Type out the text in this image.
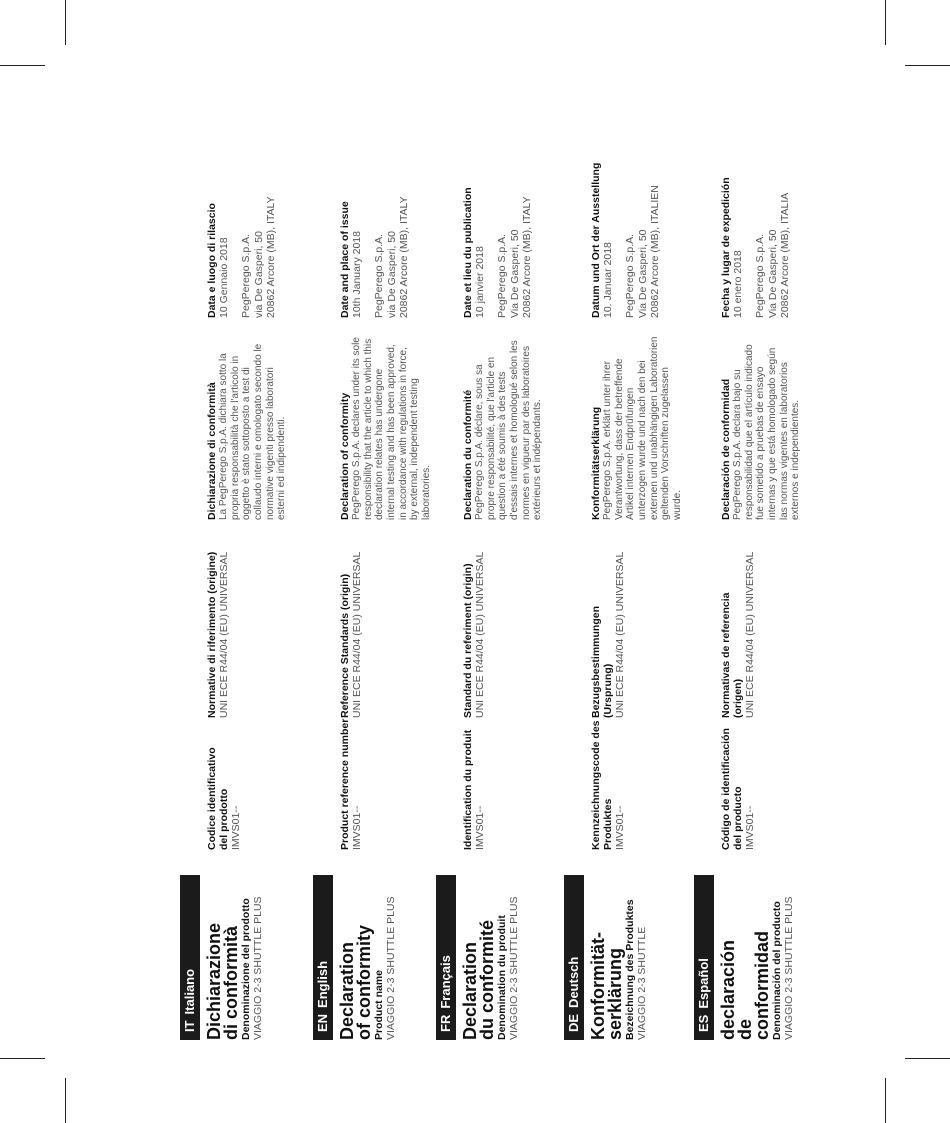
ITItaliano Dichiarazione di conformità Denominazione del prodotto VIAGGIO 2-3 SHUTTLE PLUS
Codice identificativo del prodotto IMVS01--
Normative di riferimento (origine) UNI ECE R44/04 (EU) UNIVERSAL
Dichiarazione di conformità La PegPerego S.p.A. dichiara sotto la propria responsabilità che l'articolo in oggetto è stato sottoposto a test di collaudo interni e omologato secondo le normative vigenti presso laboratori esterni ed indipendenti.
Data e luogo di rilascio 10 Gennaio 2018 PegPerego S.p.A. via De Gasperi, 50 20862 Arcore (MB), ITALY
ENEnglish Declaration of conformity Product name VIAGGIO 2-3 SHUTTLE PLUS
Product reference number IMVS01--
Reference Standards (origin) UNI ECE R44/04 (EU) UNIVERSAL
Declaration of conformity PegPerego S.p.A. declares under its sole responsibility that the article to which this declaration relates has undergone internal testing and has been approved, in accordance with regulations in force, by external, independent testing laboratories.
Date and place of issue 10th January 2018 PegPerego S.p.A. via De Gasperi, 50 20862 Arcore (MB), ITALY
FRFrançais Declaration du conformité Denomination du produit VIAGGIO 2-3 SHUTTLE PLUS
Identification du produit IMVS01--
Standard du referiment (origin) UNI ECE R44/04 (EU) UNIVERSAL
Declaration du conformité PegPerego S.p.A. déclare, sous sa propre responsabilité, que l'article en question a été soumis à des tests d'essais internes et homologué selon les normes en vigueur par des laboratoires extérieurs et indépendants.
Date et lieu du publication 10 janvier 2018 PegPerego S.p.A. Via De Gasperi, 50 20862 Arcore (MB), ITALY
DEDeutsch Konformität-serklärung Bezeichnung des Produktes VIAGGIO 2-3 SHUTTLE
Kennzeichnungscode des Produktes IMVS01--
Bezugsbestimmungen (Ursprung) UNI ECE R44/04 (EU) UNIVERSAL
Konformitätserklärung PegPerego S.p.A. erklärt unter ihrer Verantwortung, dass der betreffende Artikel internen Endprüfungen unterzogen wurde und nach den bei externen und unabhängigen Laboratorien geltenden Vorschriften zugelassen wurde.
Datum und Ort der Ausstellung 10. Januar 2018 PegPerego S.p.A. Via De Gasperi, 50 20862 Arcore (MB), ITALIEN
ESEspañol declaración de conformidad Denominación del producto VIAGGIO 2-3 SHUTTLE PLUS
Código de identificación del producto IMVS01--
Normativas de referencia (origen) UNI ECE R44/04 (EU) UNIVERSAL
Declaración de conformidad PegPerego S.p.A. declara bajo su responsabilidad que el artículo indicado fue sometido a pruebas de ensayo internas y que está homologado según las normas vigentes en laboratorios externos e independientes.
Fecha y lugar de expedición 10 enero 2018 PegPerego S.p.A. Via De Gasperi, 50 20862 Arcore (MB), ITALIA
